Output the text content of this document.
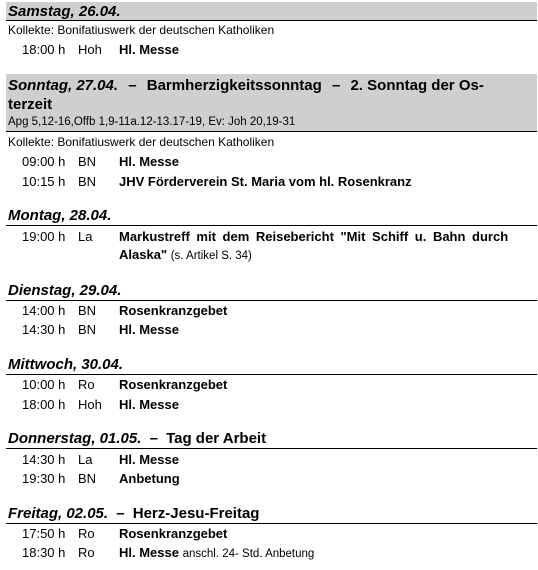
Samstag, 26.04.
Kollekte: Bonifatiuswerk der deutschen Katholiken
18:00 h Hoh Hl. Messe
Sonntag, 27.04. – Barmherzigkeitssonntag – 2. Sonntag der Os-
terzeit
Apg 5,12-16,Offb 1,9-11a.12-13.17-19, Ev: Joh 20,19-31
Kollekte: Bonifatiuswerk der deutschen Katholiken
09:00 h BN Hl. Messe
10:15 h BN JHV Förderverein St. Maria vom hl. Rosenkranz
Montag, 28.04.
19:00 h La Markustreff mit dem Reisebericht "Mit Schiff u. Bahn durch
Alaska" (s. Artikel S. 34)
Dienstag, 29.04.
14:00 h BN Rosenkranzgebet
14:30 h BN Hl. Messe
Mittwoch, 30.04.
10:00 h Ro Rosenkranzgebet
18:00 h Hoh Hl. Messe
Donnerstag, 01.05. – Tag der Arbeit
14:30 h La Hl. Messe
19:30 h BN Anbetung
Freitag, 02.05. – Herz-Jesu-Freitag
17:50 h Ro Rosenkranzgebet
18:30 h Ro Hl. Messe anschl. 24- Std. Anbetung
